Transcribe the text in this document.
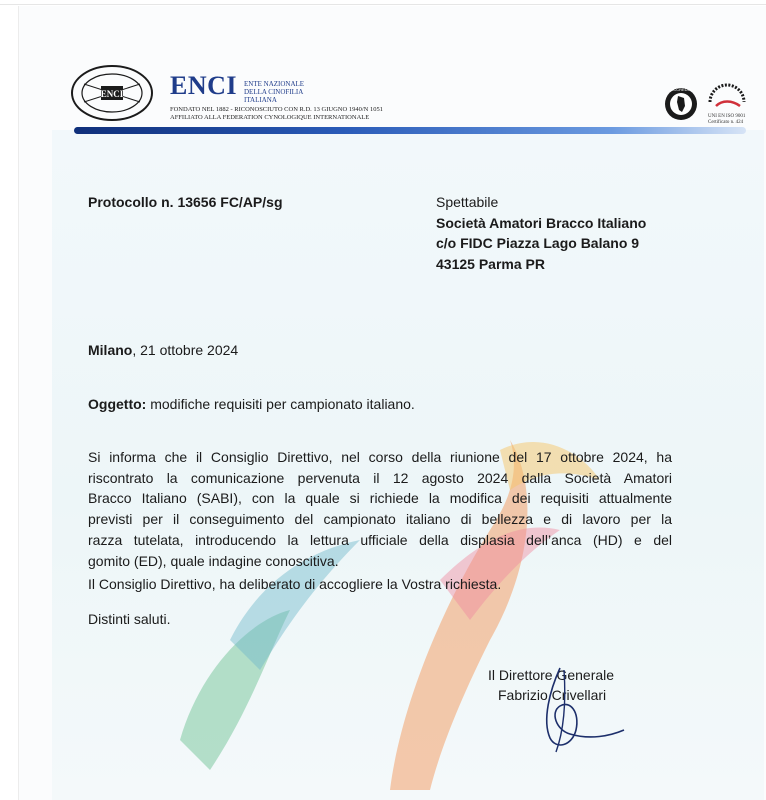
ENCI ENCI ENTE NAZIONALE
DELLA CINOFILIA
ITALIANA
FONDATO NEL 1882 - RICONOSCIUTO CON R.D. 13 GIUGNO 1940/N 1051
AFFILIATO ALLA FEDERATION CYNOLOGIQUE INTERNATIONALE
ACCREDIA
UNI EN ISO 9001
Certificato n. 424
Protocollo n. 13656 FC/AP/sg	Spettabile
Società Amatori Bracco Italiano
c/o FIDC Piazza Lago Balano 9
43125 Parma PR
Milano, 21 ottobre 2024
Oggetto: modifiche requisiti per campionato italiano.
Si informa che il Consiglio Direttivo, nel corso della riunione del 17 ottobre 2024, ha
riscontrato la comunicazione pervenuta il 12 agosto 2024 dalla Società Amatori
Bracco Italiano (SABI), con la quale si richiede la modifica dei requisiti attualmente
previsti per il conseguimento del campionato italiano di bellezza e di lavoro per la
razza tutelata, introducendo la lettura ufficiale della displasia dell’anca (HD) e del
gomito (ED), quale indagine conoscitiva.
Il Consiglio Direttivo, ha deliberato di accogliere la Vostra richiesta.
Distinti saluti.
Il Direttore Generale
Fabrizio Crivellari
